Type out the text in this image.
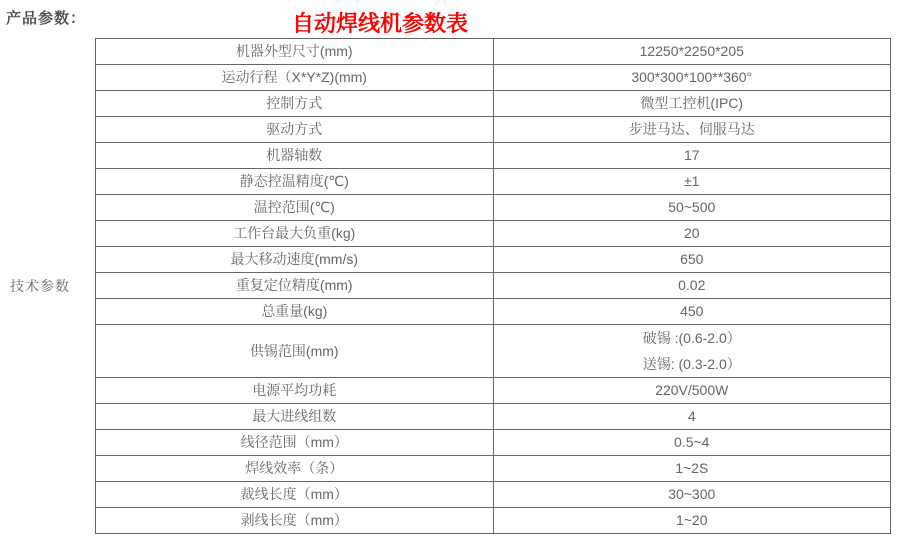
产品参数：	自动焊线机参数表
技术参数
机器外型尺寸(mm)	12250*2250*205
运动行程（X*Y*Z)(mm)	300*300*100**360°
控制方式	微型工控机(IPC)
驱动方式	步进马达、伺服马达
机器轴数	17
静态控温精度(℃)	±1
温控范围(℃)	50~500
工作台最大负重(kg)	20
最大移动速度(mm/s)	650
重复定位精度(mm)	0.02
总重量(kg)	450
供锡范围(mm)	破锡 :(0.6-2.0）
送锡: (0.3-2.0）

电源平均功耗	220V/500W
最大进线组数	4
线径范围（mm）	0.5~4
焊线效率（条）	1~2S
裁线长度（mm）	30~300
剥线长度（mm）	1~20
